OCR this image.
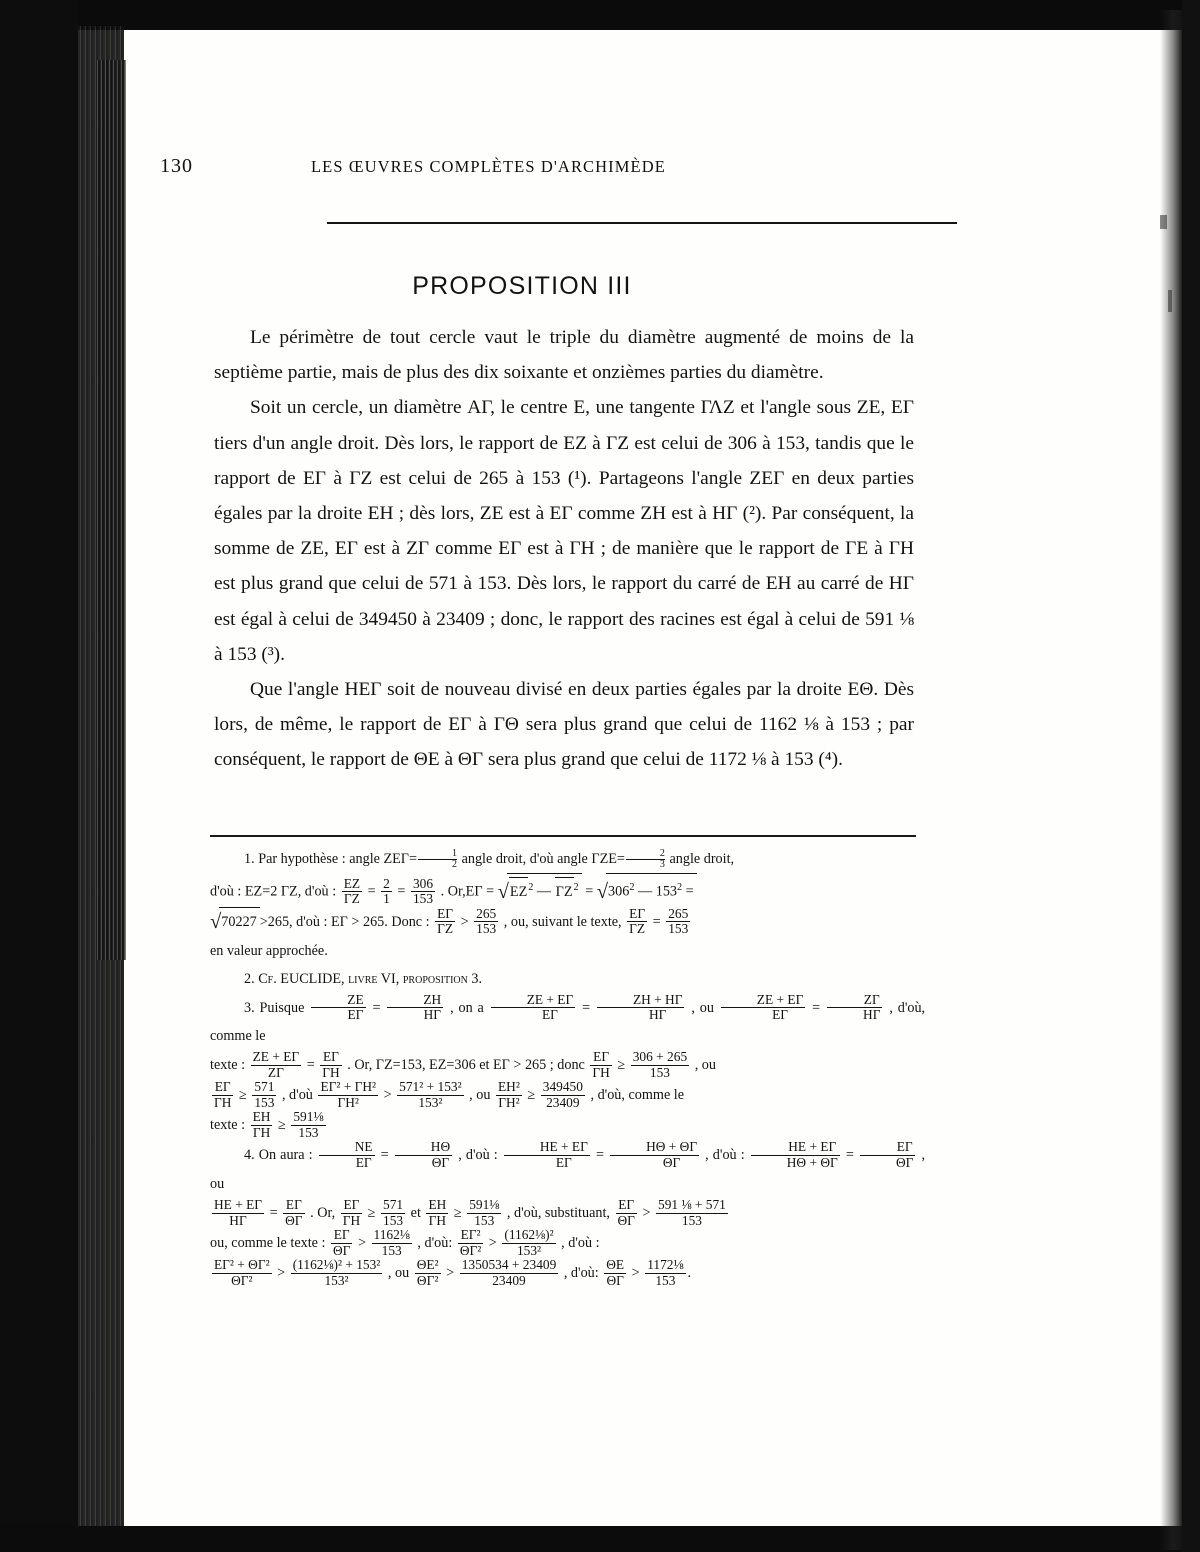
130	LES ŒUVRES COMPLÈTES D'ARCHIMÈDE
PROPOSITION III

Le périmètre de tout cercle vaut le triple du diamètre augmenté de moins de la septième partie, mais de plus des dix soixante et onzièmes parties du diamètre.

Soit un cercle, un diamètre ΑΓ, le centre Ε, une tangente ΓΛΖ et l'angle sous ΖΕ, ΕΓ tiers d'un angle droit. Dès lors, le rapport de ΕΖ à ΓΖ est celui de 306 à 153, tandis que le rapport de ΕΓ à ΓΖ est celui de 265 à 153 (¹). Partageons l'angle ΖΕΓ en deux parties égales par la droite ΕΗ ; dès lors, ΖΕ est à ΕΓ comme ΖΗ est à ΗΓ (²). Par conséquent, la somme de ΖΕ, ΕΓ est à ΖΓ comme ΕΓ est à ΓΗ ; de manière que le rapport de ΓΕ à ΓΗ est plus grand que celui de 571 à 153. Dès lors, le rapport du carré de ΕΗ au carré de ΗΓ est égal à celui de 349450 à 23409 ; donc, le rapport des racines est égal à celui de 591 ⅛ à 153 (³).

Que l'angle ΗΕΓ soit de nouveau divisé en deux parties égales par la droite ΕΘ. Dès lors, de même, le rapport de ΕΓ à ΓΘ sera plus grand que celui de 1162 ⅛ à 153 ; par conséquent, le rapport de ΘΕ à ΘΓ sera plus grand que celui de 1172 ⅛ à 153 (⁴).

1. Par hypothèse : angle $ZE\Gamma= \frac{1}{2}$ angle droit, d'où angle $\Gamma ZE= \frac{2}{3}$ angle droit,

d'où : ΕΖ=2 ΓΖ, d'où : $\frac{EZ}{\Gamma Z} = \frac{2}{1} = \frac{306}{153}$ . $Or,E\Gamma = √EZ^2$ — $\Gamma Z^2 = √306^2$ — $153^2$ =

√70227 >265, d'où : ΕΓ > 265. Donc : $\frac{E\Gamma}{\Gamma Z} > \frac{265}{153}$ , ou, suivant le texte, $\frac{E\Gamma}{\Gamma Z} = \frac{265}{153}$

en valeur approchée.

2. Cf. EUCLIDE, livre VI, proposition 3.

3. Puisque $\frac{ZE}{E\Gamma} = \frac{ZH}{H\Gamma}$ , on a $\frac{ZE + E\Gamma}{E\Gamma} = \frac{ZH + H\Gamma}{H\Gamma}$ , ou $\frac{ZE + E\Gamma}{E\Gamma} = \frac{Z\Gamma}{H\Gamma}$ , d'où, comme le

texte : $\frac{ZE + E\Gamma}{Z\Gamma} = \frac{E\Gamma}{\Gamma H}$ . Or, ΓΖ=153, ΕΖ=306 et ΕΓ > 265 ; donc $\frac{E\Gamma}{\Gamma H} \ge \frac{306 + 265}{153}$ , ou

$\frac{E\Gamma}{\Gamma H} \ge \frac{571}{153}$ , d'où $\frac{\text{ΕΓ² + ΓΗ²}}{\text{ΓΗ²}} > \frac{\text{571² + 153²}}{\text{153²}}$ , ou $\frac{\text{ΕΗ²}}{\text{ΓΗ²}} \ge \frac{349450}{23409}$ , d'où, comme le

texte : $\frac{EH}{\Gamma H} \ge \frac{\text{591⅛}}{153}$

4. On aura : $\frac{NE}{E\Gamma} = \frac{H\Theta}{\Theta\Gamma}$ , d'où : $\frac{HE + E\Gamma}{E\Gamma} = \frac{H\Theta + \Theta\Gamma}{\Theta\Gamma}$ , d'où : $\frac{HE + E\Gamma}{H\Theta + \Theta\Gamma} = \frac{E\Gamma}{\Theta\Gamma}$ , ou

$\frac{HE + E\Gamma}{H\Gamma} = \frac{E\Gamma}{\Theta\Gamma}$ . Or, $\frac{E\Gamma}{\Gamma H} \ge \frac{571}{153}$ et $\frac{EH}{\Gamma H} \ge \frac{\text{591⅛}}{153}$ , d'où, substituant, $\frac{E\Gamma}{\Theta\Gamma} > \frac{\text{591 ⅛ + 571}}{153}$

ou, comme le texte : $\frac{E\Gamma}{\Theta\Gamma} > \frac{\text{1162⅛}}{153}$ , d'où: $\frac{\text{ΕΓ²}}{\text{ΘΓ²}} > \frac{\text{(1162⅛)²}}{\text{153²}}$ , d'où :

$\frac{\text{ΕΓ² + ΘΓ²}}{\text{ΘΓ²}} > \frac{\text{(1162⅛)² + 153²}}{\text{153²}}$ , ou $\frac{\text{ΘΕ²}}{\text{ΘΓ²}} > \frac{1350534 + 23409}{23409}$ , d'où: $\frac{\Theta E}{\Theta\Gamma} > \frac{\text{1172⅛}}{153}$ .
